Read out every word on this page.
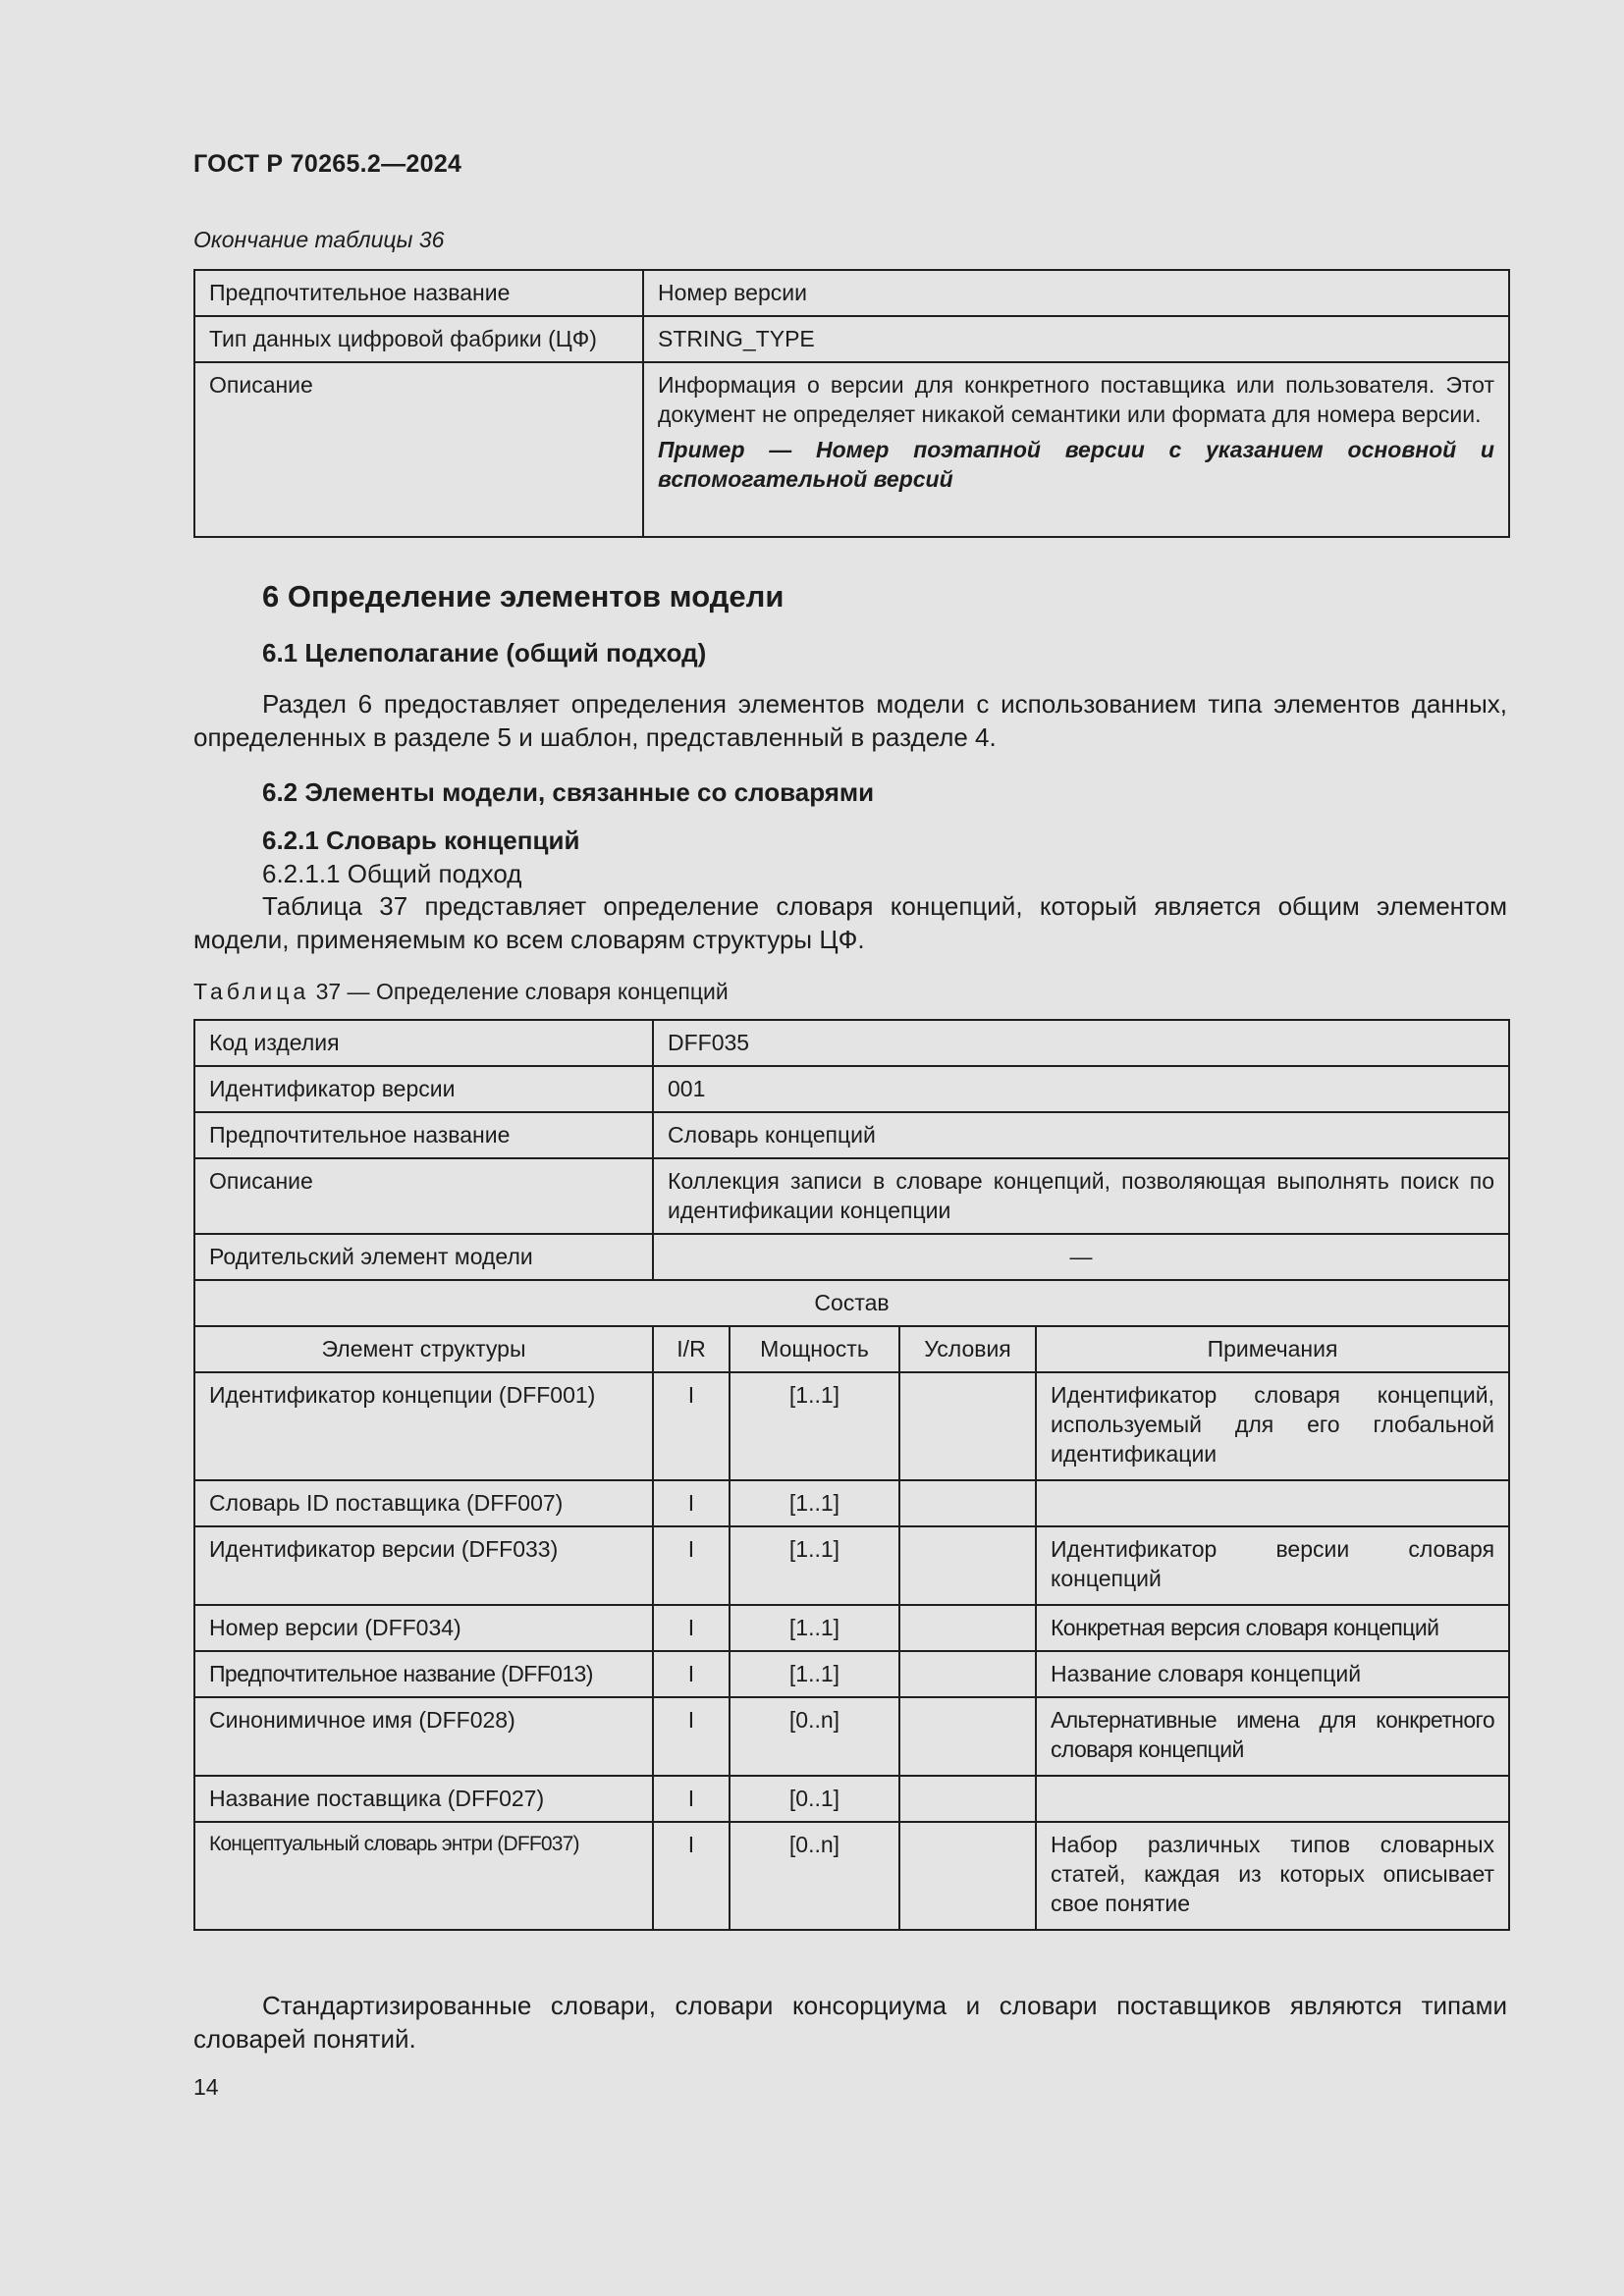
ГОСТ Р 70265.2—2024
Окончание таблицы 36
Предпочтительное название	Номер версии
Тип данных цифровой фабрики (ЦФ)	STRING_TYPE
Описание	Информация о версии для конкретного поставщика или пользователя. Этот документ не определяет никакой семантики или формата для номера версии.
Пример — Номер поэтапной версии с указанием основной и вспомогательной версий
6 Определение элементов модели
6.1 Целеполагание (общий подход)
Раздел 6 предоставляет определения элементов модели с использованием типа элементов данных, определенных в разделе 5 и шаблон, представленный в разделе 4.
6.2 Элементы модели, связанные со словарями
6.2.1 Словарь концепций
6.2.1.1 Общий подход
Таблица 37 представляет определение словаря концепций, который является общим элементом модели, применяемым ко всем словарям структуры ЦФ.
Таблица 37 — Определение словаря концепций
Код изделия	DFF035			
Идентификатор версии	001			
Предпочтительное название	Словарь концепций			
Описание	Коллекция записи в словаре концепций, позволяющая выполнять поиск по идентификации концепции			
Родительский элемент модели	—			
Состав				
Элемент структуры	I/R	Мощность	Условия	Примечания
Идентификатор концепции (DFF001)	I	[1..1]		Идентификатор словаря концепций, используемый для его глобальной идентификации
Словарь ID поставщика (DFF007)	I	[1..1]		
Идентификатор версии (DFF033)	I	[1..1]		Идентификатор версии словаря концепций
Номер версии (DFF034)	I	[1..1]		Конкретная версия словаря концепций
Предпочтительное название (DFF013)	I	[1..1]		Название словаря концепций
Синонимичное имя (DFF028)	I	[0..n]		Альтернативные имена для конкретного словаря концепций
Название поставщика (DFF027)	I	[0..1]		
Концептуальный словарь энтри (DFF037)	I	[0..n]		Набор различных типов словарных статей, каждая из которых описывает свое понятие
Стандартизированные словари, словари консорциума и словари поставщиков являются типами словарей понятий.
14
